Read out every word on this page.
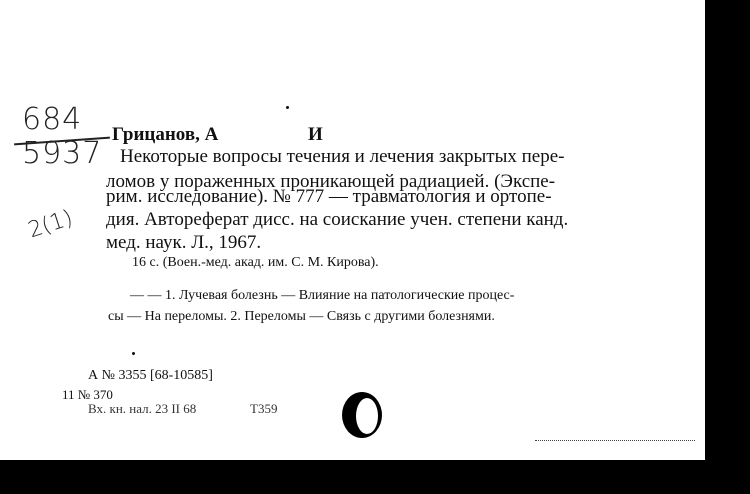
684
5937
2(1)
Грицанов, А	И
Некоторые вопросы течения и лечения закрытых пере-
ломов у пораженных проникающей радиацией. (Экспе-
рим. исследование). № 777 — травматология и ортопе-
дия. Автореферат дисс. на соискание учен. степени канд.
мед. наук. Л., 1967.
16 с. (Воен.-мед. акад. им. С. М. Кирова).
— — 1. Лучевая болезнь — Влияние на патологические процес-
сы — На переломы. 2. Переломы — Связь с другими болезнями.
А № 3355 [68-10585]
11 № 370
Вх. кн. нал. 23 II 68	Т359
